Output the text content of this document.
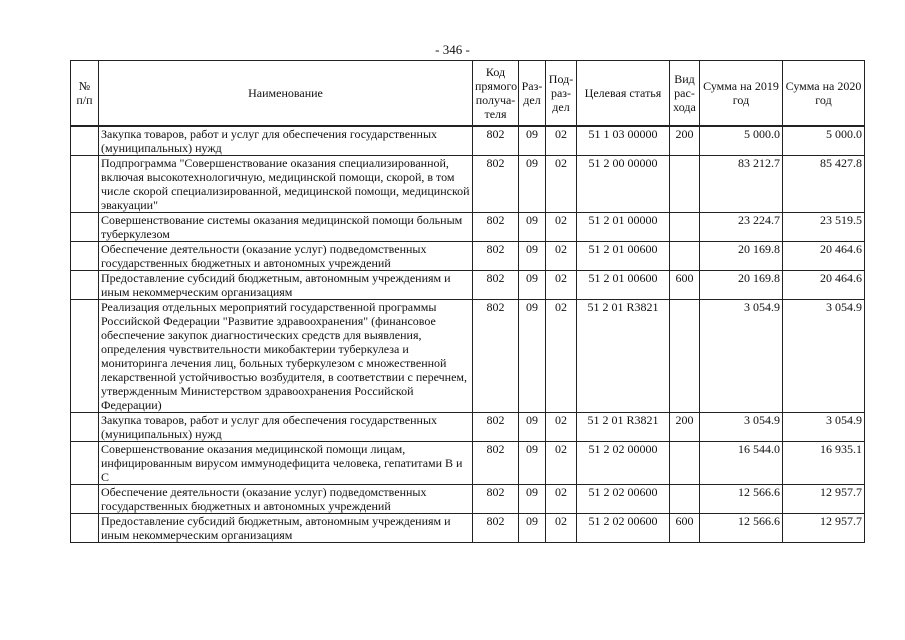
- 346 -
№ п/п	Наименование	Код прямого получа-теля	Раз-дел	Под-раз-дел	Целевая статья	Вид рас-хода	Сумма на 2019 год	Сумма на 2020 год
	Закупка товаров, работ и услуг для обеспечения государственных (муниципальных) нужд	802	09	02	51 1 03 00000	200	5 000.0	5 000.0
	Подпрограмма "Совершенствование оказания специализированной, включая высокотехнологичную, медицинской помощи, скорой, в том числе скорой специализированной, медицинской помощи, медицинской эвакуации"	802	09	02	51 2 00 00000		83 212.7	85 427.8
	Совершенствование системы оказания медицинской помощи больным туберкулезом	802	09	02	51 2 01 00000		23 224.7	23 519.5
	Обеспечение деятельности (оказание услуг) подведомственных государственных бюджетных и автономных учреждений	802	09	02	51 2 01 00600		20 169.8	20 464.6
	Предоставление субсидий бюджетным, автономным учреждениям и иным некоммерческим организациям	802	09	02	51 2 01 00600	600	20 169.8	20 464.6
	Реализация отдельных мероприятий государственной программы Российской Федерации "Развитие здравоохранения" (финансовое обеспечение закупок диагностических средств для выявления, определения чувствительности микобактерии туберкулеза и мониторинга лечения лиц, больных туберкулезом с множественной лекарственной устойчивостью возбудителя, в соответствии с перечнем, утвержденным Министерством здравоохранения Российской Федерации)	802	09	02	51 2 01 R3821		3 054.9	3 054.9
	Закупка товаров, работ и услуг для обеспечения государственных (муниципальных) нужд	802	09	02	51 2 01 R3821	200	3 054.9	3 054.9
	Совершенствование оказания медицинской помощи лицам, инфицированным вирусом иммунодефицита человека, гепатитами В и С	802	09	02	51 2 02 00000		16 544.0	16 935.1
	Обеспечение деятельности (оказание услуг) подведомственных государственных бюджетных и автономных учреждений	802	09	02	51 2 02 00600		12 566.6	12 957.7
	Предоставление субсидий бюджетным, автономным учреждениям и иным некоммерческим организациям	802	09	02	51 2 02 00600	600	12 566.6	12 957.7
